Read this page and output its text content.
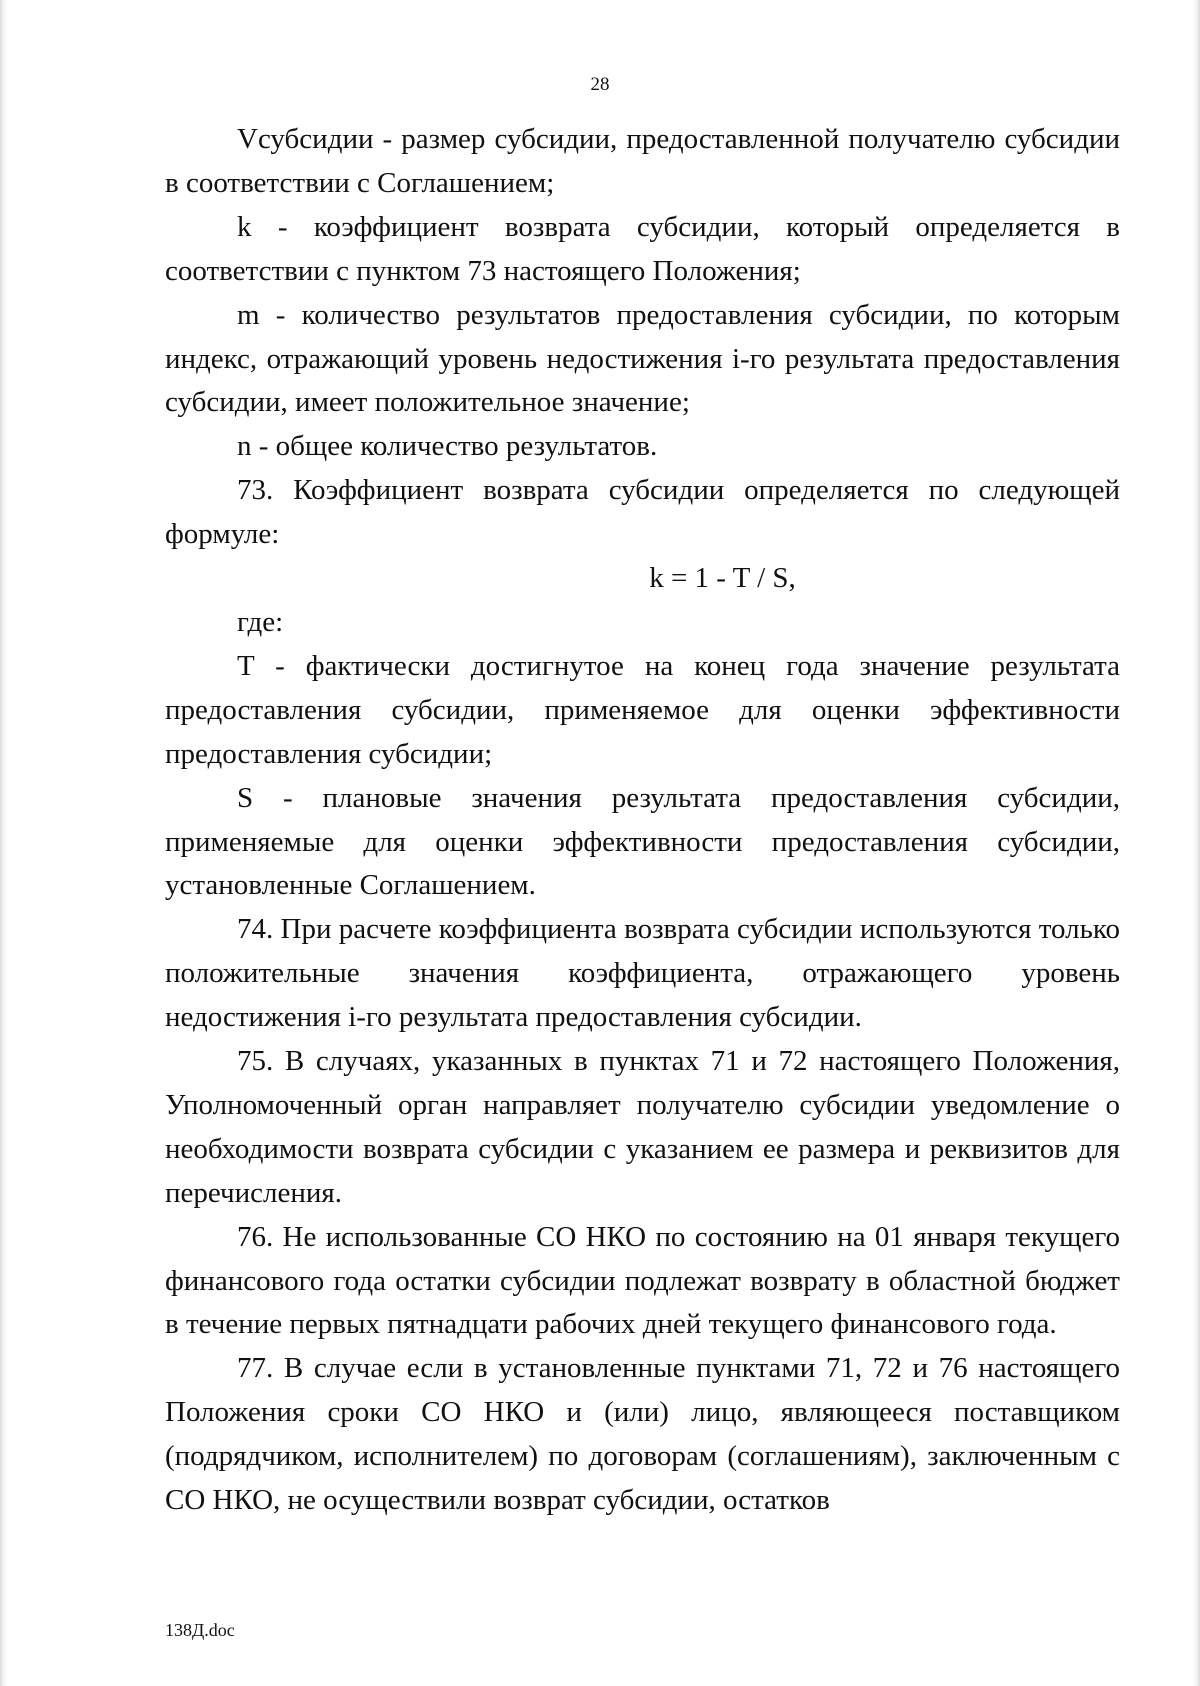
28

Vсубсидии - размер субсидии, предоставленной получателю субсидии в соответствии с Соглашением;

k - коэффициент возврата субсидии, который определяется в соответствии с пунктом 73 настоящего Положения;

m - количество результатов предоставления субсидии, по которым индекс, отражающий уровень недостижения i-го результата предоставления субсидии, имеет положительное значение;

n - общее количество результатов.

73. Коэффициент возврата субсидии определяется по следующей формуле:

k = 1 - T / S,

где:

T - фактически достигнутое на конец года значение результата предоставления субсидии, применяемое для оценки эффективности предоставления субсидии;

S - плановые значения результата предоставления субсидии, применяемые для оценки эффективности предоставления субсидии, установленные Соглашением.

74. При расчете коэффициента возврата субсидии используются только положительные значения коэффициента, отражающего уровень недостижения i-го результата предоставления субсидии.

75. В случаях, указанных в пунктах 71 и 72 настоящего Положения, Уполномоченный орган направляет получателю субсидии уведомление о необходимости возврата субсидии с указанием ее размера и реквизитов для перечисления.

76. Не использованные СО НКО по состоянию на 01 января текущего финансового года остатки субсидии подлежат возврату в областной бюджет в течение первых пятнадцати рабочих дней текущего финансового года.

77. В случае если в установленные пунктами 71, 72 и 76 настоящего Положения сроки СО НКО и (или) лицо, являющееся поставщиком (подрядчиком, исполнителем) по договорам (соглашениям), заключенным с СО НКО, не осуществили возврат субсидии, остатков

138Д.doc
